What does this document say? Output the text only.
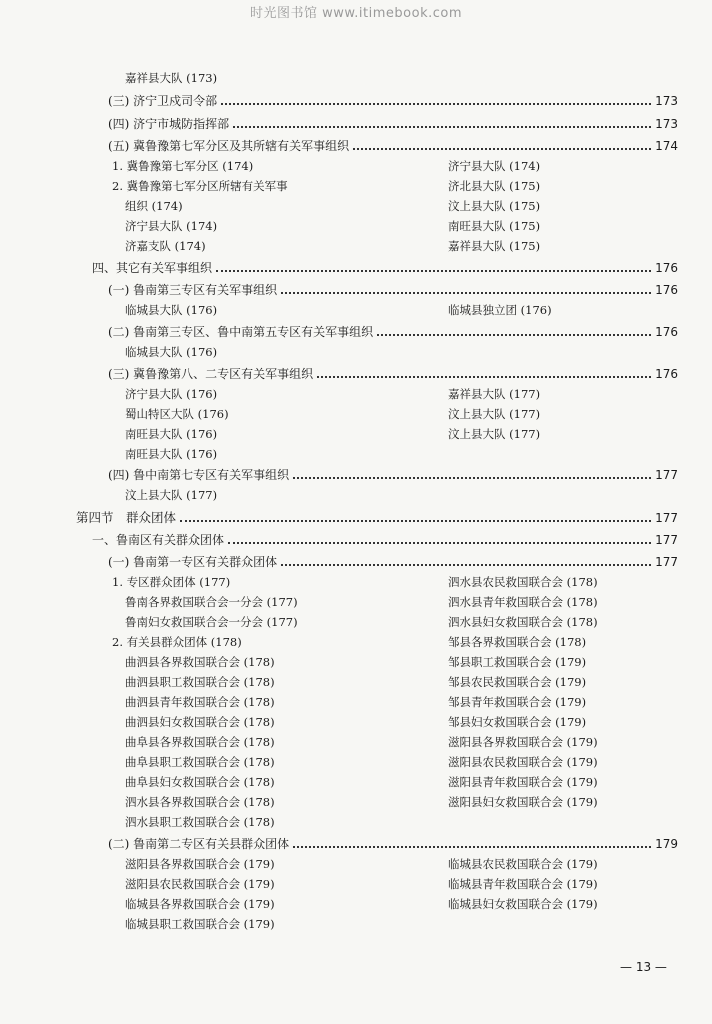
时光图书馆 www.itimebook.com
嘉祥县大队 (173)
(三) 济宁卫戍司令部	173
(四) 济宁市城防指挥部	173
(五) 冀鲁豫第七军分区及其所辖有关军事组织	174
1. 冀鲁豫第七军分区 (174)	济宁县大队 (174)
2. 冀鲁豫第七军分区所辖有关军事	济北县大队 (175)
组织 (174)	汶上县大队 (175)
济宁县大队 (174)	南旺县大队 (175)
济嘉支队 (174)	嘉祥县大队 (175)
四、其它有关军事组织	176
(一) 鲁南第三专区有关军事组织	176
临城县大队 (176)	临城县独立团 (176)
(二) 鲁南第三专区、鲁中南第五专区有关军事组织	176
临城县大队 (176)
(三) 冀鲁豫第八、二专区有关军事组织	176
济宁县大队 (176)	嘉祥县大队 (177)
蜀山特区大队 (176)	汶上县大队 (177)
南旺县大队 (176)	汶上县大队 (177)
南旺县大队 (176)
(四) 鲁中南第七专区有关军事组织	177
汶上县大队 (177)
第四节　群众团体	177
一、鲁南区有关群众团体	177
(一) 鲁南第一专区有关群众团体	177
1. 专区群众团体 (177)	泗水县农民救国联合会 (178)
鲁南各界救国联合会一分会 (177)	泗水县青年救国联合会 (178)
鲁南妇女救国联合会一分会 (177)	泗水县妇女救国联合会 (178)
2. 有关县群众团体 (178)	邹县各界救国联合会 (178)
曲泗县各界救国联合会 (178)	邹县职工救国联合会 (179)
曲泗县职工救国联合会 (178)	邹县农民救国联合会 (179)
曲泗县青年救国联合会 (178)	邹县青年救国联合会 (179)
曲泗县妇女救国联合会 (178)	邹县妇女救国联合会 (179)
曲阜县各界救国联合会 (178)	滋阳县各界救国联合会 (179)
曲阜县职工救国联合会 (178)	滋阳县农民救国联合会 (179)
曲阜县妇女救国联合会 (178)	滋阳县青年救国联合会 (179)
泗水县各界救国联合会 (178)	滋阳县妇女救国联合会 (179)
泗水县职工救国联合会 (178)
(二) 鲁南第二专区有关县群众团体	179
滋阳县各界救国联合会 (179)	临城县农民救国联合会 (179)
滋阳县农民救国联合会 (179)	临城县青年救国联合会 (179)
临城县各界救国联合会 (179)	临城县妇女救国联合会 (179)
临城县职工救国联合会 (179)
— 13 —
